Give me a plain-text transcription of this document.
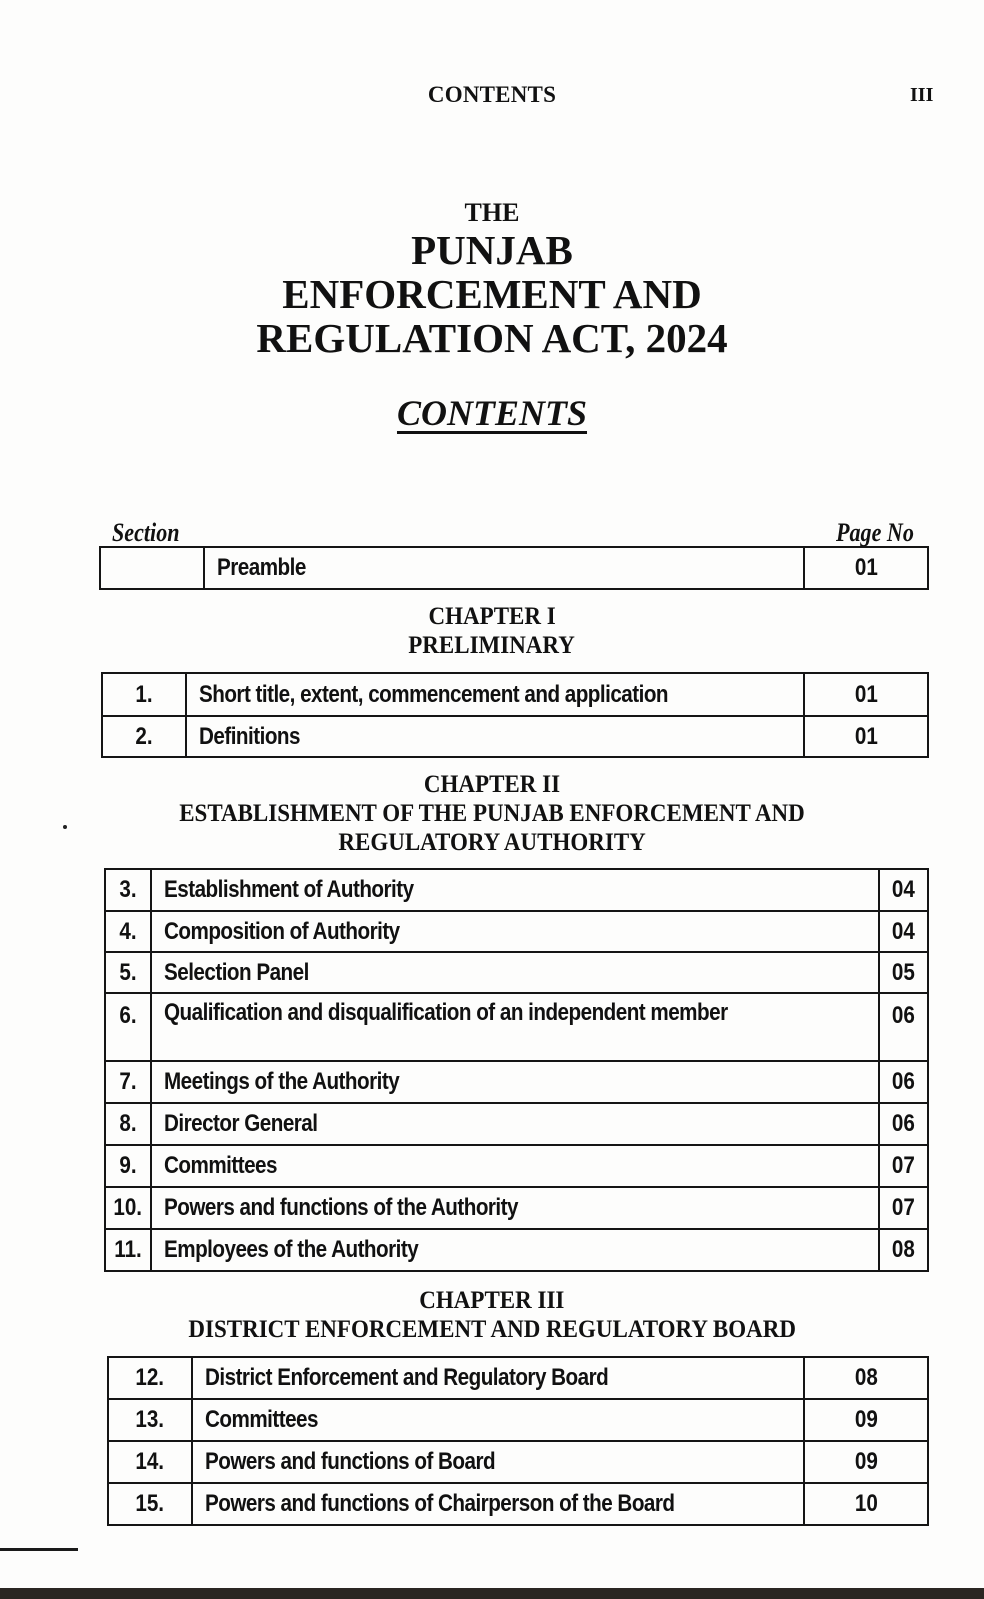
CONTENTS	III
THE
PUNJAB
ENFORCEMENT AND
REGULATION ACT, 2024
CONTENTS
Section	Page No
	Preamble	01
CHAPTER I
PRELIMINARY
1.	Short title, extent, commencement and application	01
2.	Definitions	01
CHAPTER II
ESTABLISHMENT OF THE PUNJAB ENFORCEMENT AND
REGULATORY AUTHORITY
3.	Establishment of Authority	04
4.	Composition of Authority	04
5.	Selection Panel	05
6.	Qualification and disqualification of an independent member	06
7.	Meetings of the Authority	06
8.	Director General	06
9.	Committees	07
10.	Powers and functions of the Authority	07
11.	Employees of the Authority	08
CHAPTER III
DISTRICT ENFORCEMENT AND REGULATORY BOARD
12.	District Enforcement and Regulatory Board	08
13.	Committees	09
14.	Powers and functions of Board	09
15.	Powers and functions of Chairperson of the Board	10
